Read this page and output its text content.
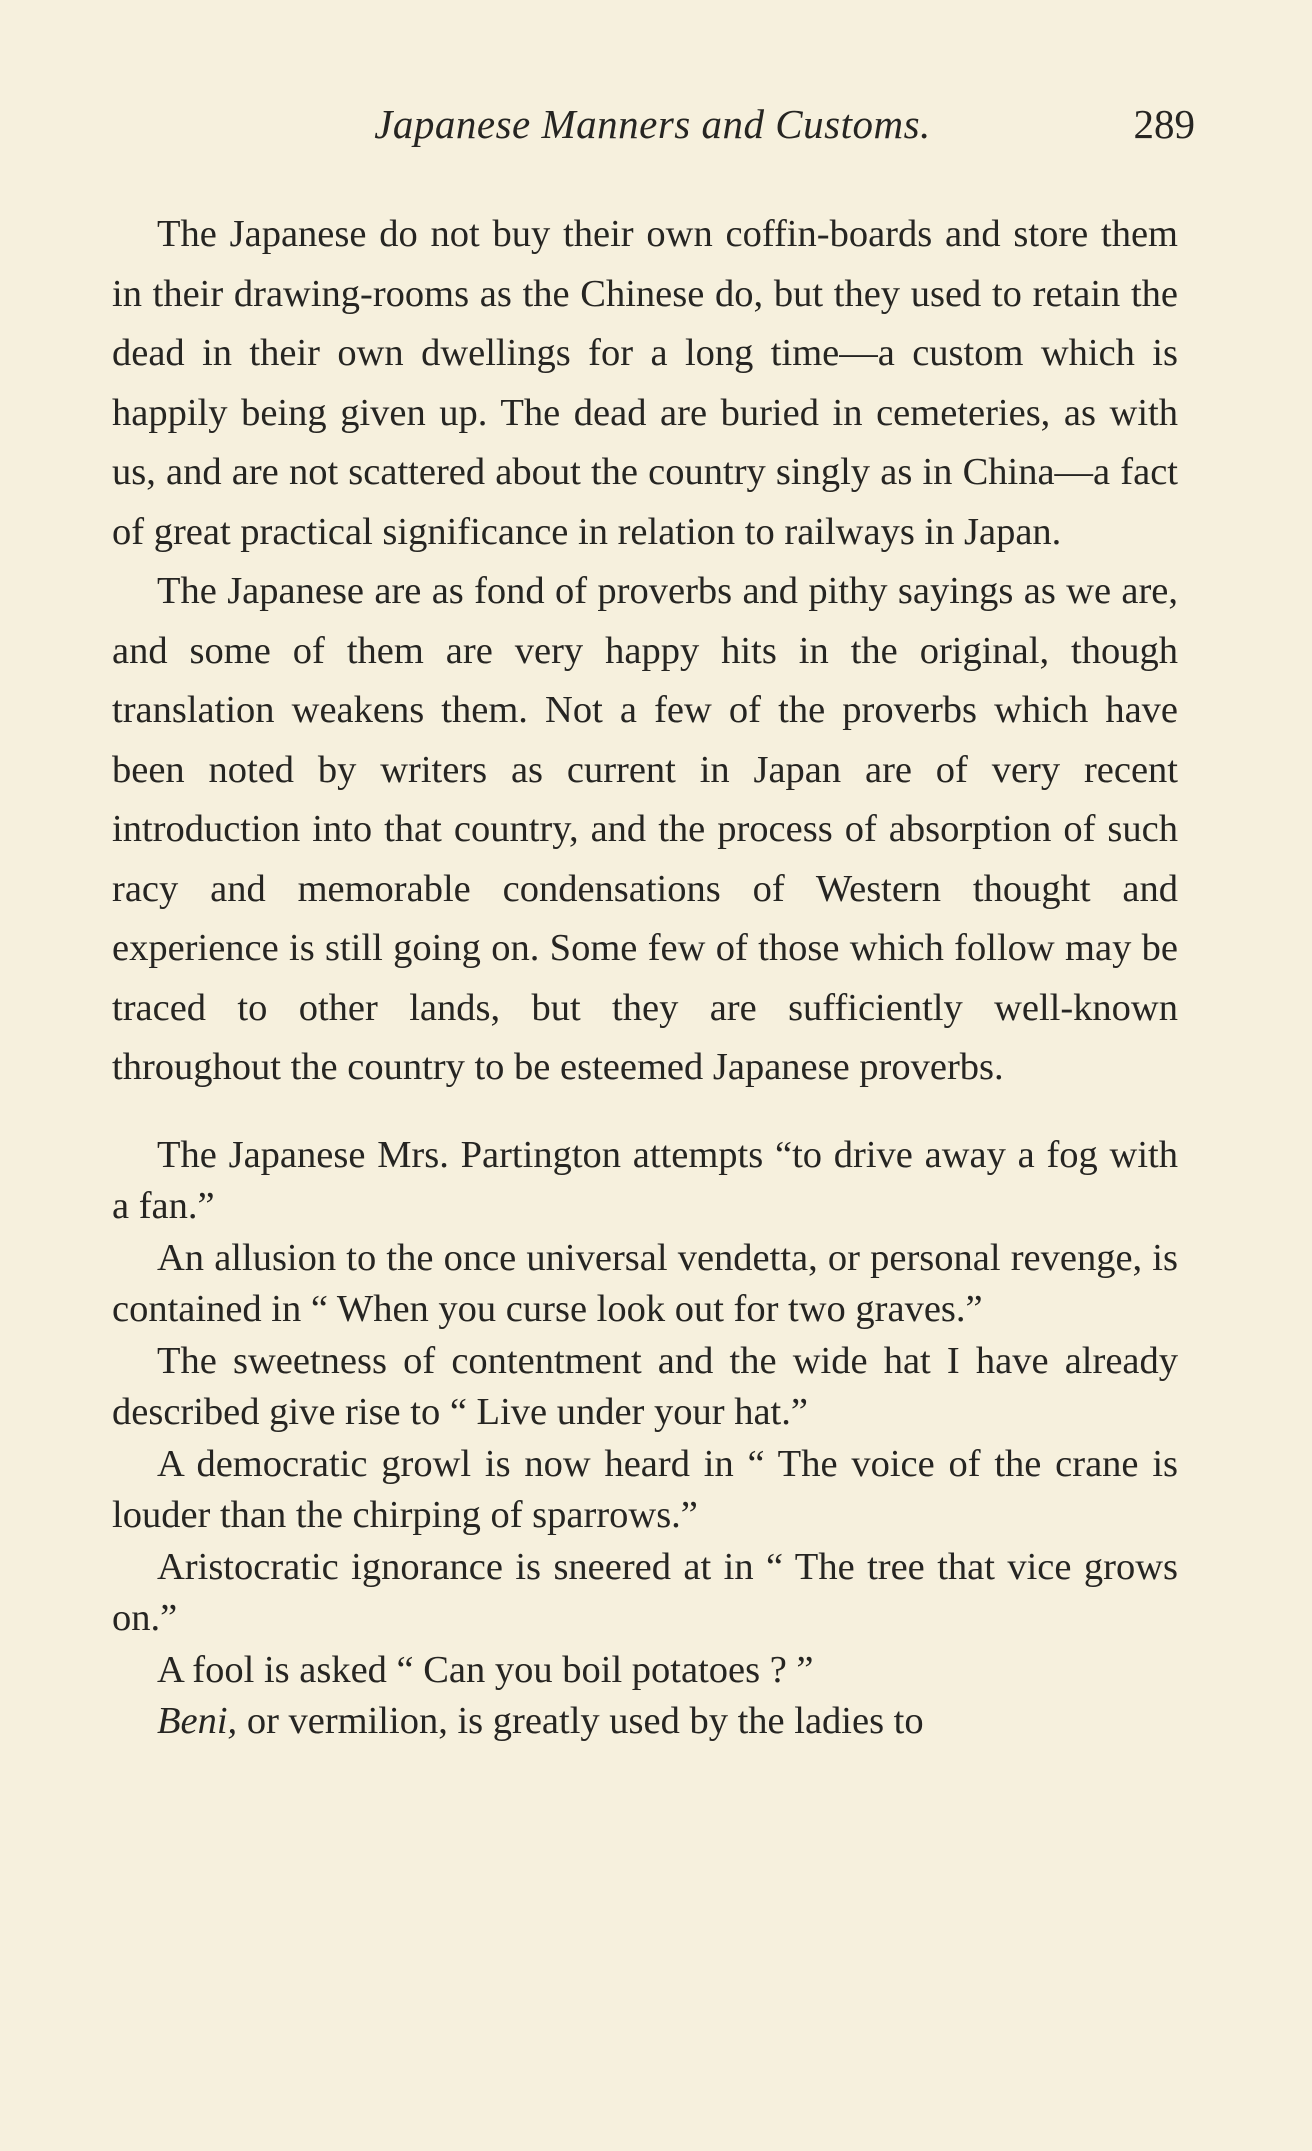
Japanese Manners and Customs.	289

The Japanese do not buy their own coffin-boards and store them in their drawing-rooms as the Chinese do, but they used to retain the dead in their own dwellings for a long time—a custom which is happily being given up. The dead are buried in cemeteries, as with us, and are not scattered about the country singly as in China—a fact of great practical significance in relation to railways in Japan.

The Japanese are as fond of proverbs and pithy sayings as we are, and some of them are very happy hits in the original, though translation weakens them. Not a few of the proverbs which have been noted by writers as current in Japan are of very recent introduction into that country, and the process of absorption of such racy and memorable condensations of Western thought and experience is still going on. Some few of those which follow may be traced to other lands, but they are sufficiently well-known throughout the country to be esteemed Japanese proverbs.

The Japanese Mrs. Partington attempts “to drive away a fog with a fan.”

An allusion to the once universal vendetta, or personal revenge, is contained in “ When you curse look out for two graves.”

The sweetness of contentment and the wide hat I have already described give rise to “ Live under your hat.”

A democratic growl is now heard in “ The voice of the crane is louder than the chirping of sparrows.”

Aristocratic ignorance is sneered at in “ The tree that vice grows on.”

A fool is asked “ Can you boil potatoes ? ”

Beni, or vermilion, is greatly used by the ladies to
